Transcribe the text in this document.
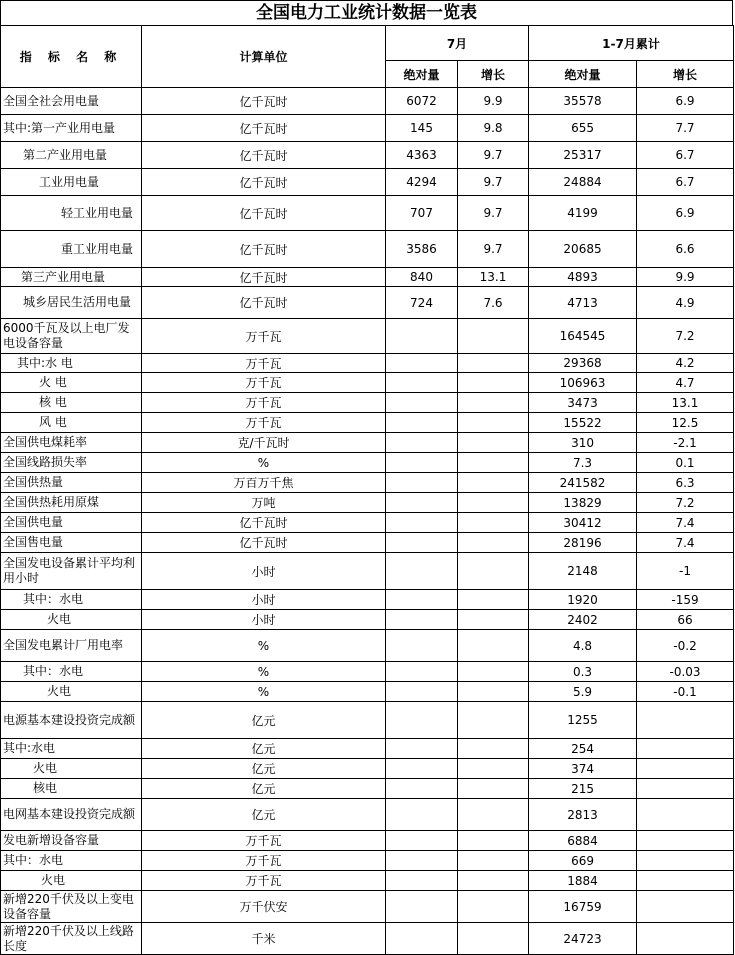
全国电力工业统计数据一览表
指 标 名 称	计算单位	7月		1-7月累计	
		绝对量	增长	绝对量	增长
全国全社会用电量	亿千瓦时	6072	9.9	35578	6.9
其中:第一产业用电量	亿千瓦时	145	9.8	655	7.7
第二产业用电量	亿千瓦时	4363	9.7	25317	6.7
工业用电量	亿千瓦时	4294	9.7	24884	6.7
轻工业用电量	亿千瓦时	707	9.7	4199	6.9
重工业用电量	亿千瓦时	3586	9.7	20685	6.6
第三产业用电量	亿千瓦时	840	13.1	4893	9.9
城乡居民生活用电量	亿千瓦时	724	7.6	4713	4.9
6000千瓦及以上电厂发电设备容量	万千瓦			164545	7.2
其中:水 电	万千瓦			29368	4.2
火 电	万千瓦			106963	4.7
核 电	万千瓦			3473	13.1
风 电	万千瓦			15522	12.5
全国供电煤耗率	克/千瓦时			310	-2.1
全国线路损失率	%			7.3	0.1
全国供热量	万百万千焦			241582	6.3
全国供热耗用原煤	万吨			13829	7.2
全国供电量	亿千瓦时			30412	7.4
全国售电量	亿千瓦时			28196	7.4
全国发电设备累计平均利用小时	小时			2148	-1
其中：水电	小时			1920	-159
火电	小时			2402	66
全国发电累计厂用电率	%			4.8	-0.2
其中：水电	%			0.3	-0.03
火电	%			5.9	-0.1
电源基本建设投资完成额	亿元			1255	
其中:水电	亿元			254	
火电	亿元			374	
核电	亿元			215	
电网基本建设投资完成额	亿元			2813	
发电新增设备容量	万千瓦			6884	
其中：水电	万千瓦			669	
火电	万千瓦			1884	
新增220千伏及以上变电设备容量	万千伏安			16759	
新增220千伏及以上线路长度	千米			24723	
